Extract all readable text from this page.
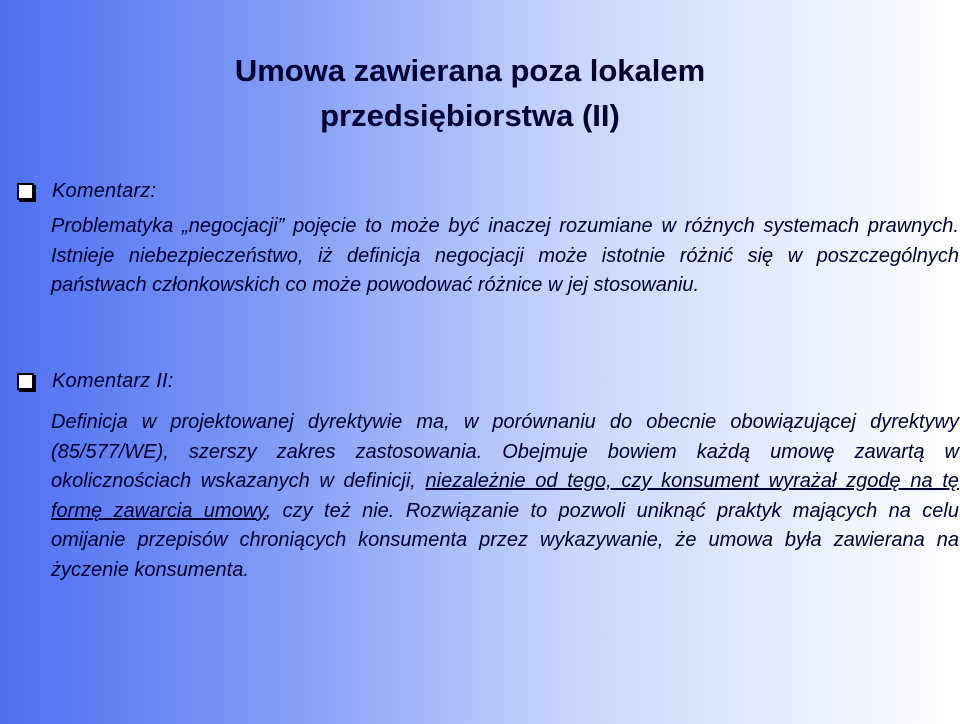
Umowa zawierana poza lokalem
przedsiębiorstwa (II)
Komentarz:

Problematyka „negocjacji” pojęcie to może być inaczej rozumiane w różnych systemach prawnych. Istnieje niebezpieczeństwo, iż definicja negocjacji może istotnie różnić się w poszczególnych państwach członkowskich co może powodować różnice w jej stosowaniu.

Komentarz II:

Definicja w projektowanej dyrektywie ma, w porównaniu do obecnie obowiązującej dyrektywy (85/577/WE), szerszy zakres zastosowania. Obejmuje bowiem każdą umowę zawartą w okolicznościach wskazanych w definicji, niezależnie od tego, czy konsument wyrażał zgodę na tę formę zawarcia umowy, czy też nie. Rozwiązanie to pozwoli uniknąć praktyk mających na celu omijanie przepisów chroniących konsumenta przez wykazywanie, że umowa była zawierana na życzenie konsumenta.
